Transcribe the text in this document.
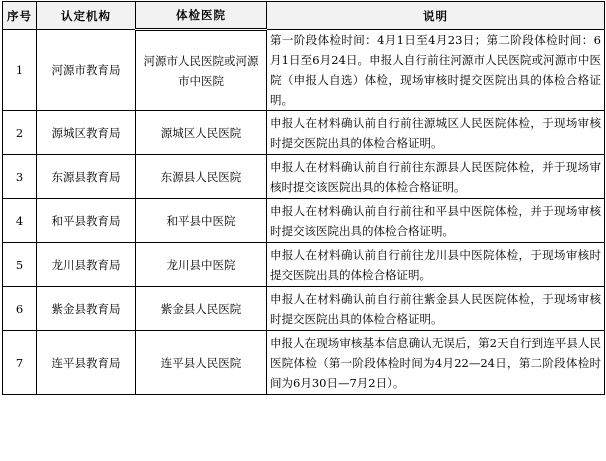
序号	认定机构	体检医院	说明
1	河源市教育局	河源市人民医院或河源市中医院	第一阶段体检时间：4月1日至4月23日；第二阶段体检时间：6月1日至6月24日。申报人自行前往河源市人民医院或河源市中医院（申报人自选）体检，现场审核时提交医院出具的体检合格证明。
2	源城区教育局	源城区人民医院	申报人在材料确认前自行前往源城区人民医院体检，于现场审核时提交医院出具的体检合格证明。
3	东源县教育局	东源县人民医院	申报人在材料确认前自行前往东源县人民医院体检，并于现场审核时提交该医院出具的体检合格证明。
4	和平县教育局	和平县中医院	申报人在材料确认前自行前往和平县中医院体检，并于现场审核时提交该医院出具的体检合格证明。
5	龙川县教育局	龙川县中医院	申报人在材料确认前自行前往龙川县中医院体检，于现场审核时提交医院出具的体检合格证明。
6	紫金县教育局	紫金县人民医院	申报人在材料确认前自行前往紫金县人民医院体检，于现场审核时提交医院出具的体检合格证明。
7	连平县教育局	连平县人民医院	申报人在现场审核基本信息确认无误后，第2天自行到连平县人民医院体检（第一阶段体检时间为4月22—24日，第二阶段体检时间为6月30日—7月2日）。
